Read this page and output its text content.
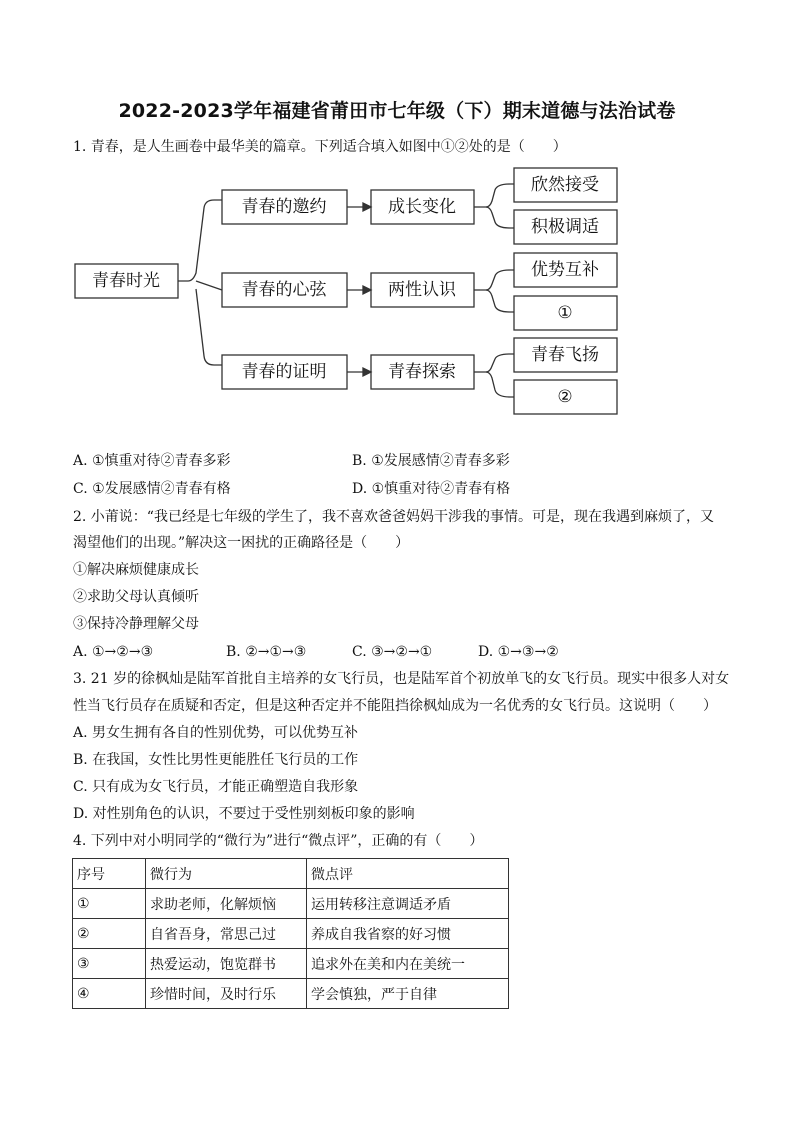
2022-2023学年福建省莆田市七年级（下）期末道德与法治试卷
1. 青春，是人生画卷中最华美的篇章。下列适合填入如图中①②处的是（　　）
青春时光
青春的邀约
青春的心弦
青春的证明
成长变化
两性认识
青春探索
欣然接受
积极调适
优势互补
①
青春飞扬
②
A. ①慎重对待②青春多彩	B. ①发展感情②青春多彩
C. ①发展感情②青春有格	D. ①慎重对待②青春有格
2. 小莆说：“我已经是七年级的学生了，我不喜欢爸爸妈妈干涉我的事情。可是，现在我遇到麻烦了，又
渴望他们的出现。”解决这一困扰的正确路径是（　　）
①解决麻烦健康成长
②求助父母认真倾听
③保持冷静理解父母
A. ①→②→③	B. ②→①→③	C. ③→②→①	D. ①→③→②
3. 21 岁的徐枫灿是陆军首批自主培养的女飞行员，也是陆军首个初放单飞的女飞行员。现实中很多人对女
性当飞行员存在质疑和否定，但是这种否定并不能阻挡徐枫灿成为一名优秀的女飞行员。这说明（　　）
A. 男女生拥有各自的性别优势，可以优势互补
B. 在我国，女性比男性更能胜任飞行员的工作
C. 只有成为女飞行员，才能正确塑造自我形象
D. 对性别角色的认识，不要过于受性别刻板印象的影响
4. 下列中对小明同学的“微行为”进行“微点评”，正确的有（　　）
序号	微行为	微点评
①	求助老师，化解烦恼	运用转移注意调适矛盾
②	自省吾身，常思己过	养成自我省察的好习惯
③	热爱运动，饱览群书	追求外在美和内在美统一
④	珍惜时间，及时行乐	学会慎独，严于自律
